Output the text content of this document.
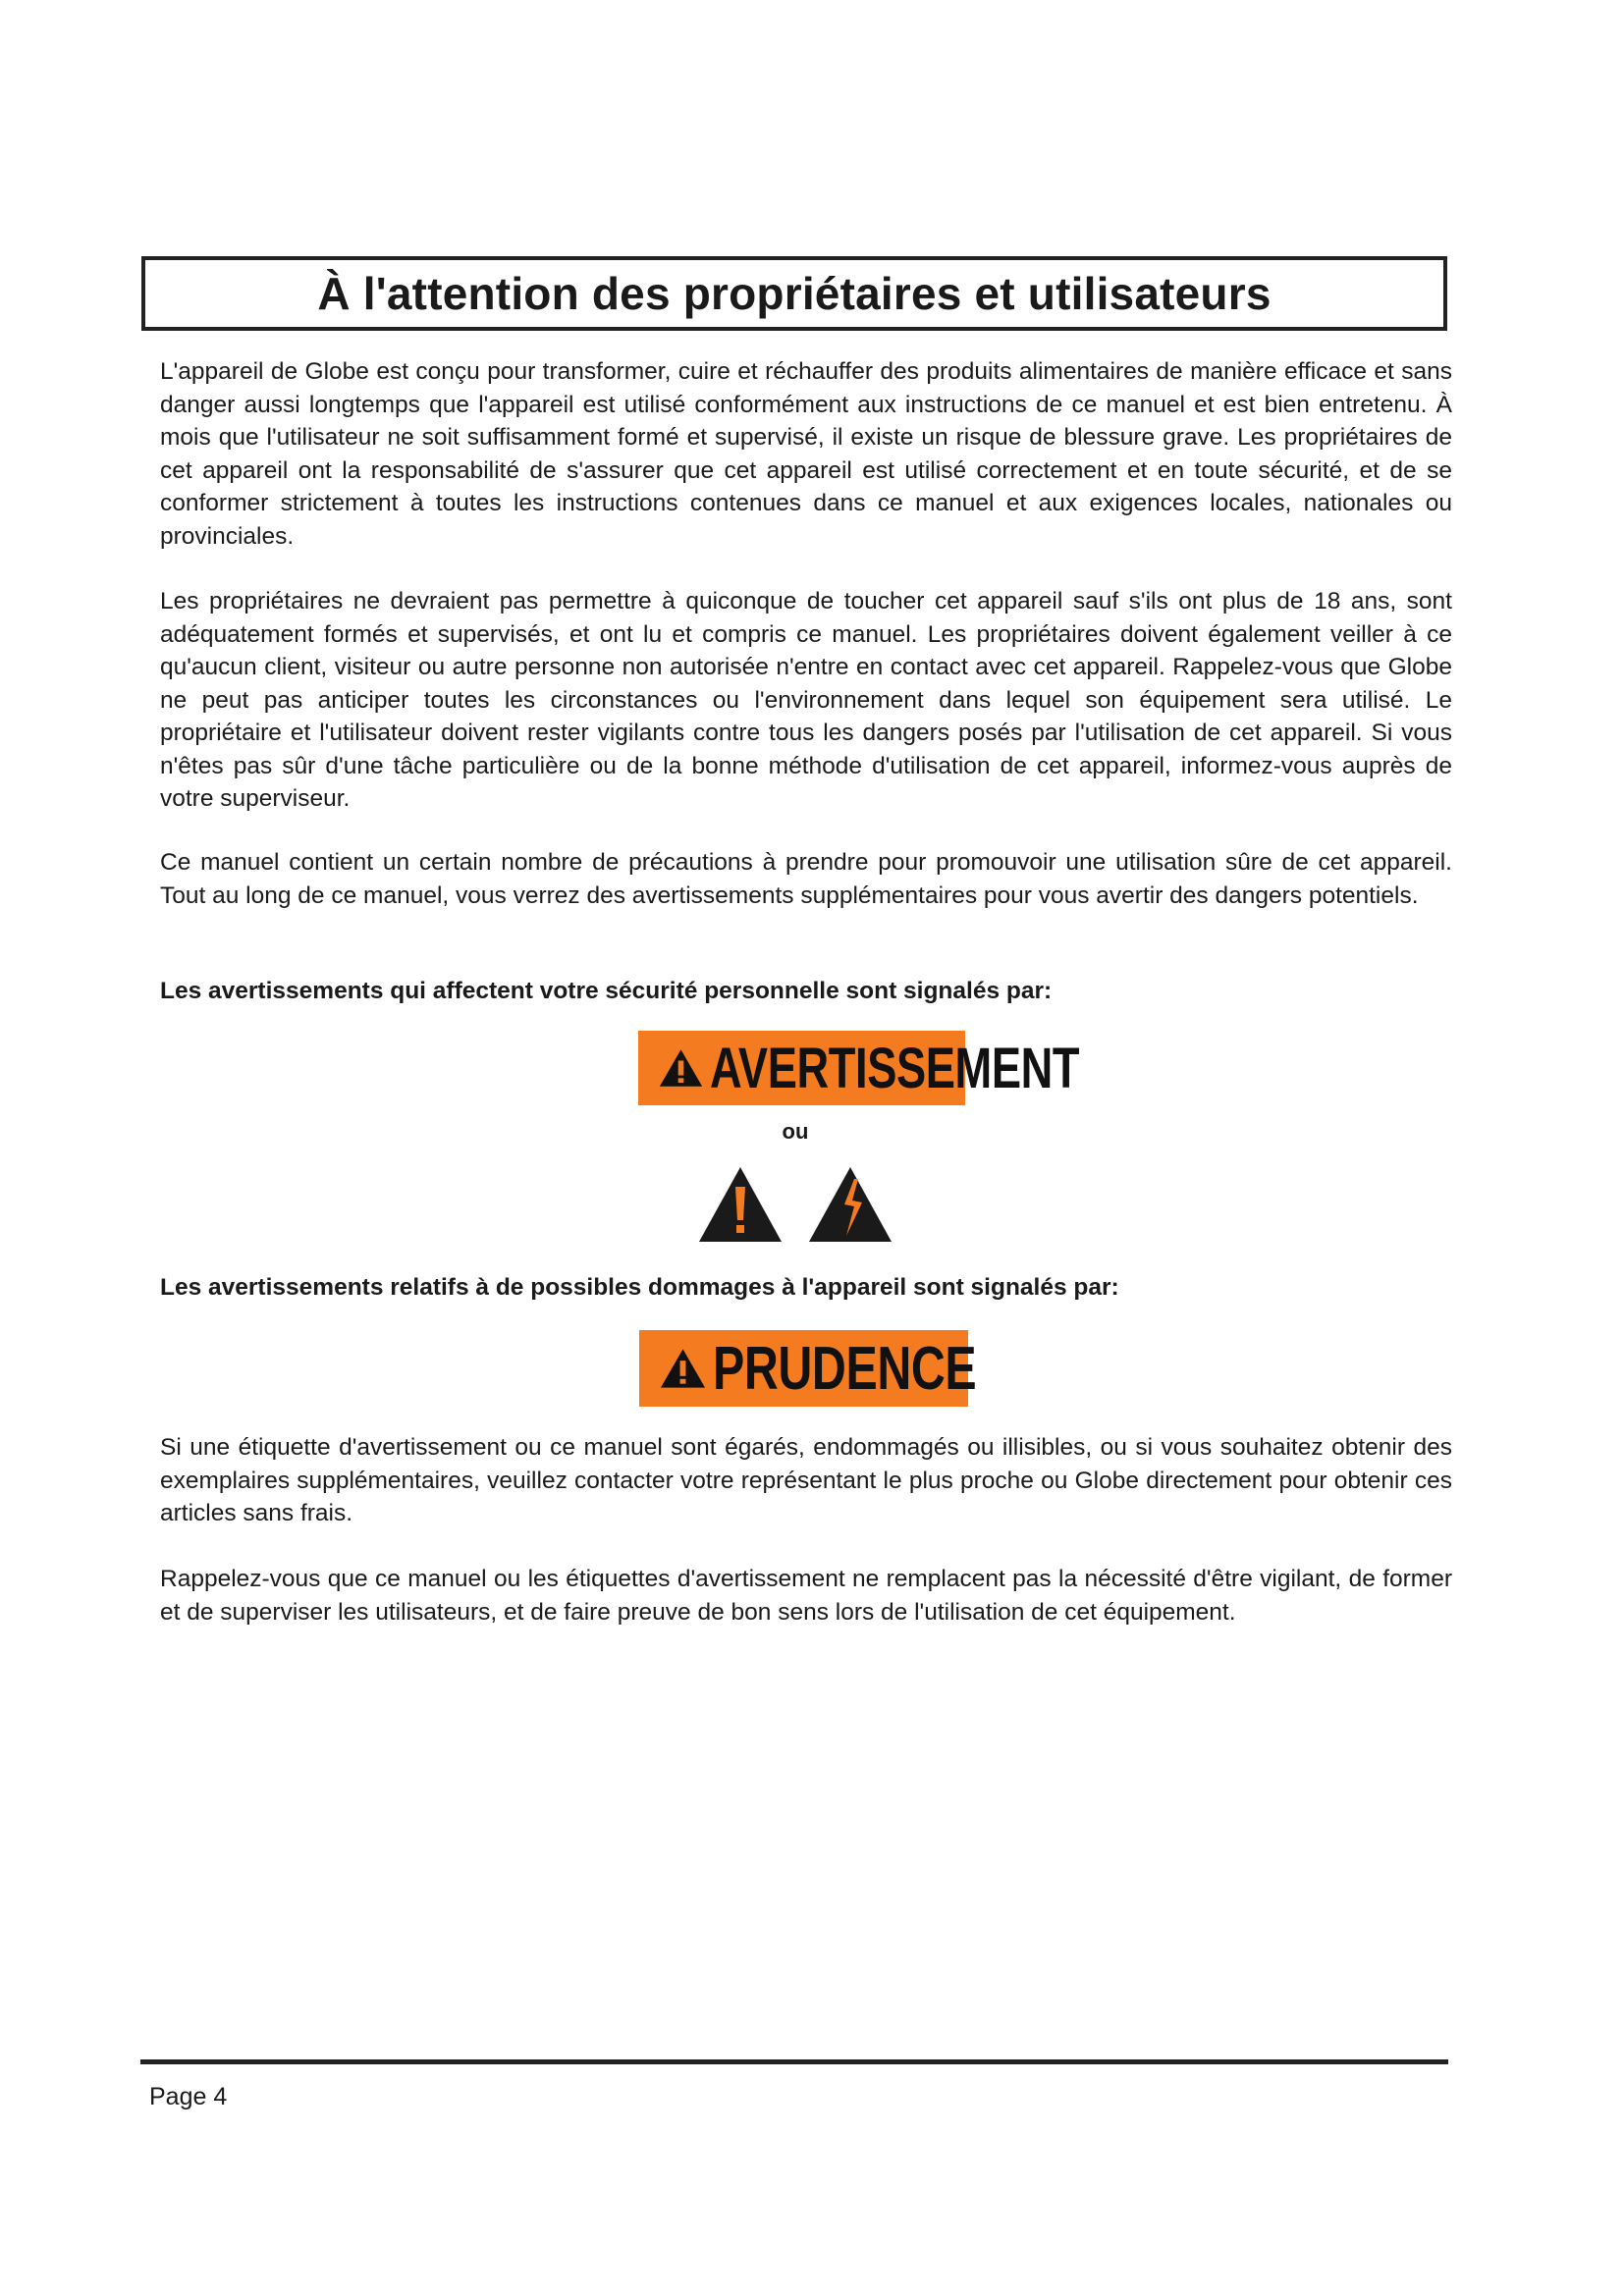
À l'attention des propriétaires et utilisateurs

L'appareil de Globe est conçu pour transformer, cuire et réchauffer des produits alimentaires de manière efficace et sans danger aussi longtemps que l'appareil est utilisé conformément aux instructions de ce manuel et est bien entretenu. À mois que l'utilisateur ne soit suffisamment formé et supervisé, il existe un risque de blessure grave. Les propriétaires de cet appareil ont la responsabilité de s'assurer que cet appareil est utilisé correctement et en toute sécurité, et de se conformer strictement à toutes les instructions contenues dans ce manuel et aux exigences locales, nationales ou provinciales.

Les propriétaires ne devraient pas permettre à quiconque de toucher cet appareil sauf s'ils ont plus de 18 ans, sont adéquatement formés et supervisés, et ont lu et compris ce manuel. Les propriétaires doivent également veiller à ce qu'aucun client, visiteur ou autre personne non autorisée n'entre en contact avec cet appareil. Rappelez-vous que Globe ne peut pas anticiper toutes les circonstances ou l'environnement dans lequel son équipement sera utilisé. Le propriétaire et l'utilisateur doivent rester vigilants contre tous les dangers posés par l'utilisation de cet appareil. Si vous n'êtes pas sûr d'une tâche particulière ou de la bonne méthode d'utilisation de cet appareil, informez-vous auprès de votre superviseur.

Ce manuel contient un certain nombre de précautions à prendre pour promouvoir une utilisation sûre de cet appareil. Tout au long de ce manuel, vous verrez des avertissements supplémentaires pour vous avertir des dangers potentiels.

Les avertissements qui affectent votre sécurité personnelle sont signalés par:

AVERTISSEMENT

ou

Les avertissements relatifs à de possibles dommages à l'appareil sont signalés par:

PRUDENCE

Si une étiquette d'avertissement ou ce manuel sont égarés, endommagés ou illisibles, ou si vous souhaitez obtenir des exemplaires supplémentaires, veuillez contacter votre représentant le plus proche ou Globe directement pour obtenir ces articles sans frais.

Rappelez-vous que ce manuel ou les étiquettes d'avertissement ne remplacent pas la nécessité d'être vigilant, de former et de superviser les utilisateurs, et de faire preuve de bon sens lors de l'utilisation de cet équipement.

Page 4
